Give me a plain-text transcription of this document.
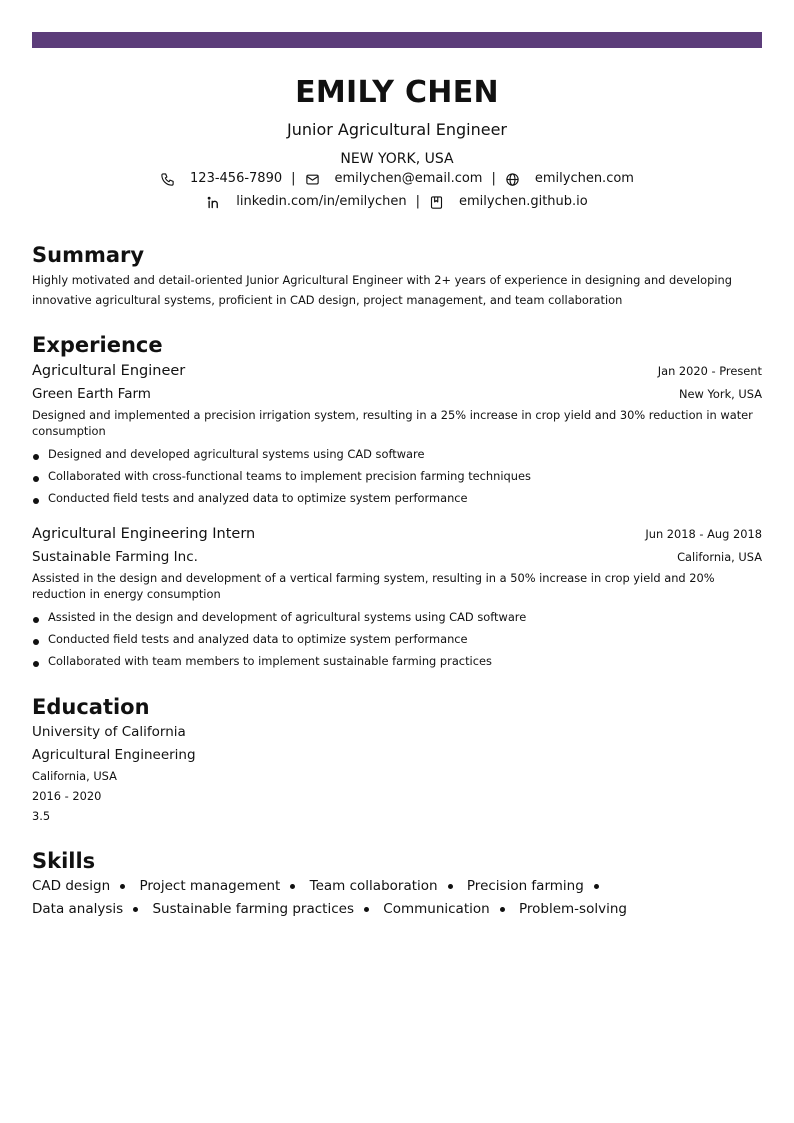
EMILY CHEN
Junior Agricultural Engineer
NEW YORK, USA
123-456-7890 |	emilychen@email.com |	emilychen.com
linkedin.com/in/emilychen |	emilychen.github.io
Summary

Highly motivated and detail-oriented Junior Agricultural Engineer with 2+ years of experience in designing and developing innovative agricultural systems, proficient in CAD design, project management, and team collaboration

Experience
Agricultural Engineer	Jan 2020 - Present
Green Earth Farm	New York, USA

Designed and implemented a precision irrigation system, resulting in a 25% increase in crop yield and 30% reduction in water consumption

Designed and developed agricultural systems using CAD software
Collaborated with cross-functional teams to implement precision farming techniques
Conducted field tests and analyzed data to optimize system performance
Agricultural Engineering Intern	Jun 2018 - Aug 2018
Sustainable Farming Inc.	California, USA

Assisted in the design and development of a vertical farming system, resulting in a 50% increase in crop yield and 20% reduction in energy consumption

Assisted in the design and development of agricultural systems using CAD software
Conducted field tests and analyzed data to optimize system performance
Collaborated with team members to implement sustainable farming practices
Education
University of California
Agricultural Engineering
California, USA
2016 - 2020
3.5
Skills
CAD design Project management Team collaboration Precision farming Data analysis Sustainable farming practices Communication Problem-solving
